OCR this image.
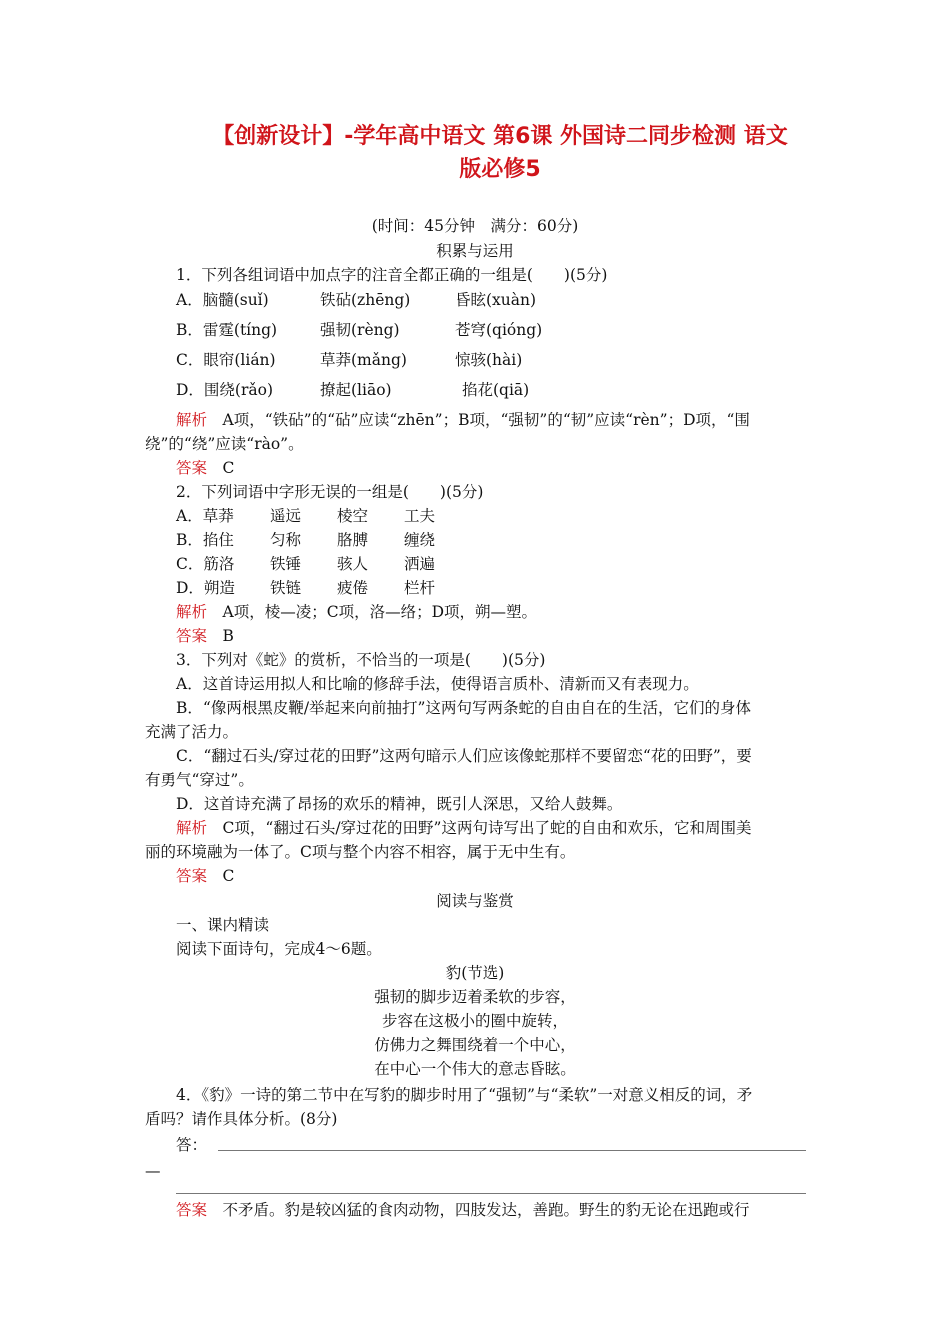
【创新设计】-学年高中语文 第6课 外国诗二同步检测 语文
版必修5
(时间：45分钟　满分：60分)
积累与运用
1．下列各组词语中加点字的注音全都正确的一组是(　　)(5分)
A．脑髓(suǐ)	铁砧(zhēng)	昏眩(xuàn)
B．雷霆(tíng)	强韧(rèng)	苍穹(qióng)
C．眼帘(lián)	草莽(mǎng)	惊骇(hài)
D．围绕(rǎo)	撩起(liāo)	掐花(qiā)
解析　 A项，“铁砧”的“砧”应读“zhēn”；B项，“强韧”的“韧”应读“rèn”；D项，“围
绕”的“绕”应读“rào”。
答案　 C
2．下列词语中字形无误的一组是(　　)(5分)
A．草莽 遥远 棱空 工夫
B．掐住 匀称 胳膊 缠绕
C．筋洛 铁锤 骇人 洒遍
D．朔造 铁链 疲倦 栏杆
解析　 A项，棱—凌；C项，洛—络；D项，朔—塑。
答案　 B
3．下列对《蛇》的赏析，不恰当的一项是(　　)(5分)
A．这首诗运用拟人和比喻的修辞手法，使得语言质朴、清新而又有表现力。
B．“像两根黑皮鞭/举起来向前抽打”这两句写两条蛇的自由自在的生活，它们的身体
充满了活力。
C．“翻过石头/穿过花的田野”这两句暗示人们应该像蛇那样不要留恋“花的田野”，要
有勇气“穿过”。
D．这首诗充满了昂扬的欢乐的精神，既引人深思，又给人鼓舞。
解析　 C项，“翻过石头/穿过花的田野”这两句诗写出了蛇的自由和欢乐，它和周围美
丽的环境融为一体了。C项与整个内容不相容，属于无中生有。
答案　 C
阅读与鉴赏
一、课内精读
阅读下面诗句，完成4～6题。
豹(节选)
强韧的脚步迈着柔软的步容，
步容在这极小的圈中旋转，
仿佛力之舞围绕着一个中心，
在中心一个伟大的意志昏眩。
4．《豹》一诗的第二节中在写豹的脚步时用了“强韧”与“柔软”一对意义相反的词，矛
盾吗？请作具体分析。(8分)
答：
—
答案　 不矛盾。豹是较凶猛的食肉动物，四肢发达，善跑。野生的豹无论在迅跑或行
